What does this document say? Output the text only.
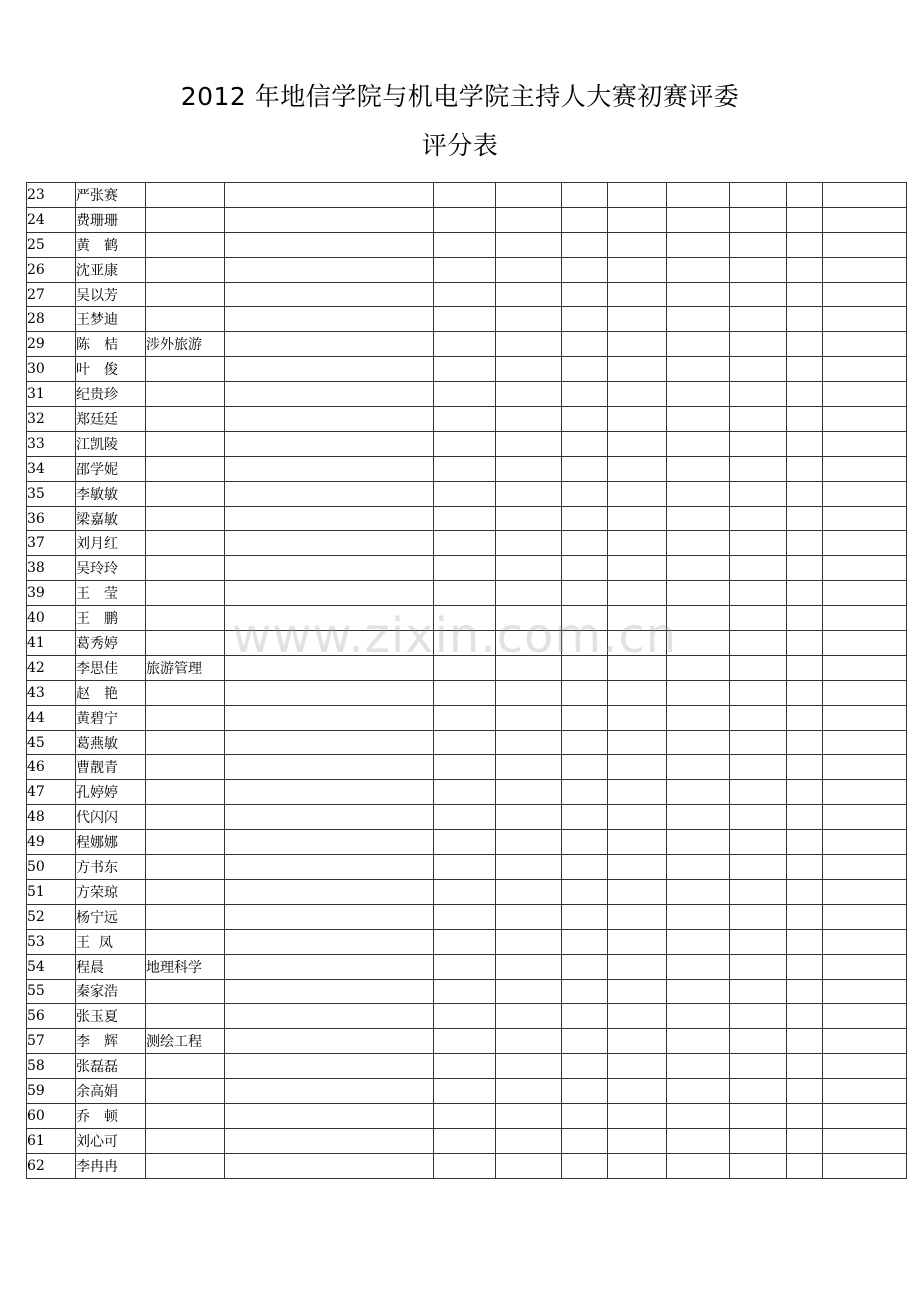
2012 年地信学院与机电学院主持人大赛初赛评委
评分表
23	严张赛										
24	费珊珊										
25	黄　鹤										
26	沈亚康										
27	吴以芳										
28	王梦迪										
29	陈　桔	涉外旅游									
30	叶　俊										
31	纪贵珍										
32	郑廷廷										
33	江凯陵										
34	邵学妮										
35	李敏敏										
36	梁嘉敏										
37	刘月红										
38	吴玲玲										
39	王　莹										
40	王　鹏										
41	葛秀婷										
42	李思佳	旅游管理									
43	赵　艳										
44	黄碧宁										
45	葛燕敏										
46	曹靓青										
47	孔婷婷										
48	代闪闪										
49	程娜娜										
50	方书东										
51	方荣琼										
52	杨宁远										
53	王  凤										
54	程晨	地理科学									
55	秦家浩										
56	张玉夏										
57	李　辉	测绘工程									
58	张磊磊										
59	余高娟										
60	乔　顿										
61	刘心可										
62	李冉冉										
www.zixin.com.cn
